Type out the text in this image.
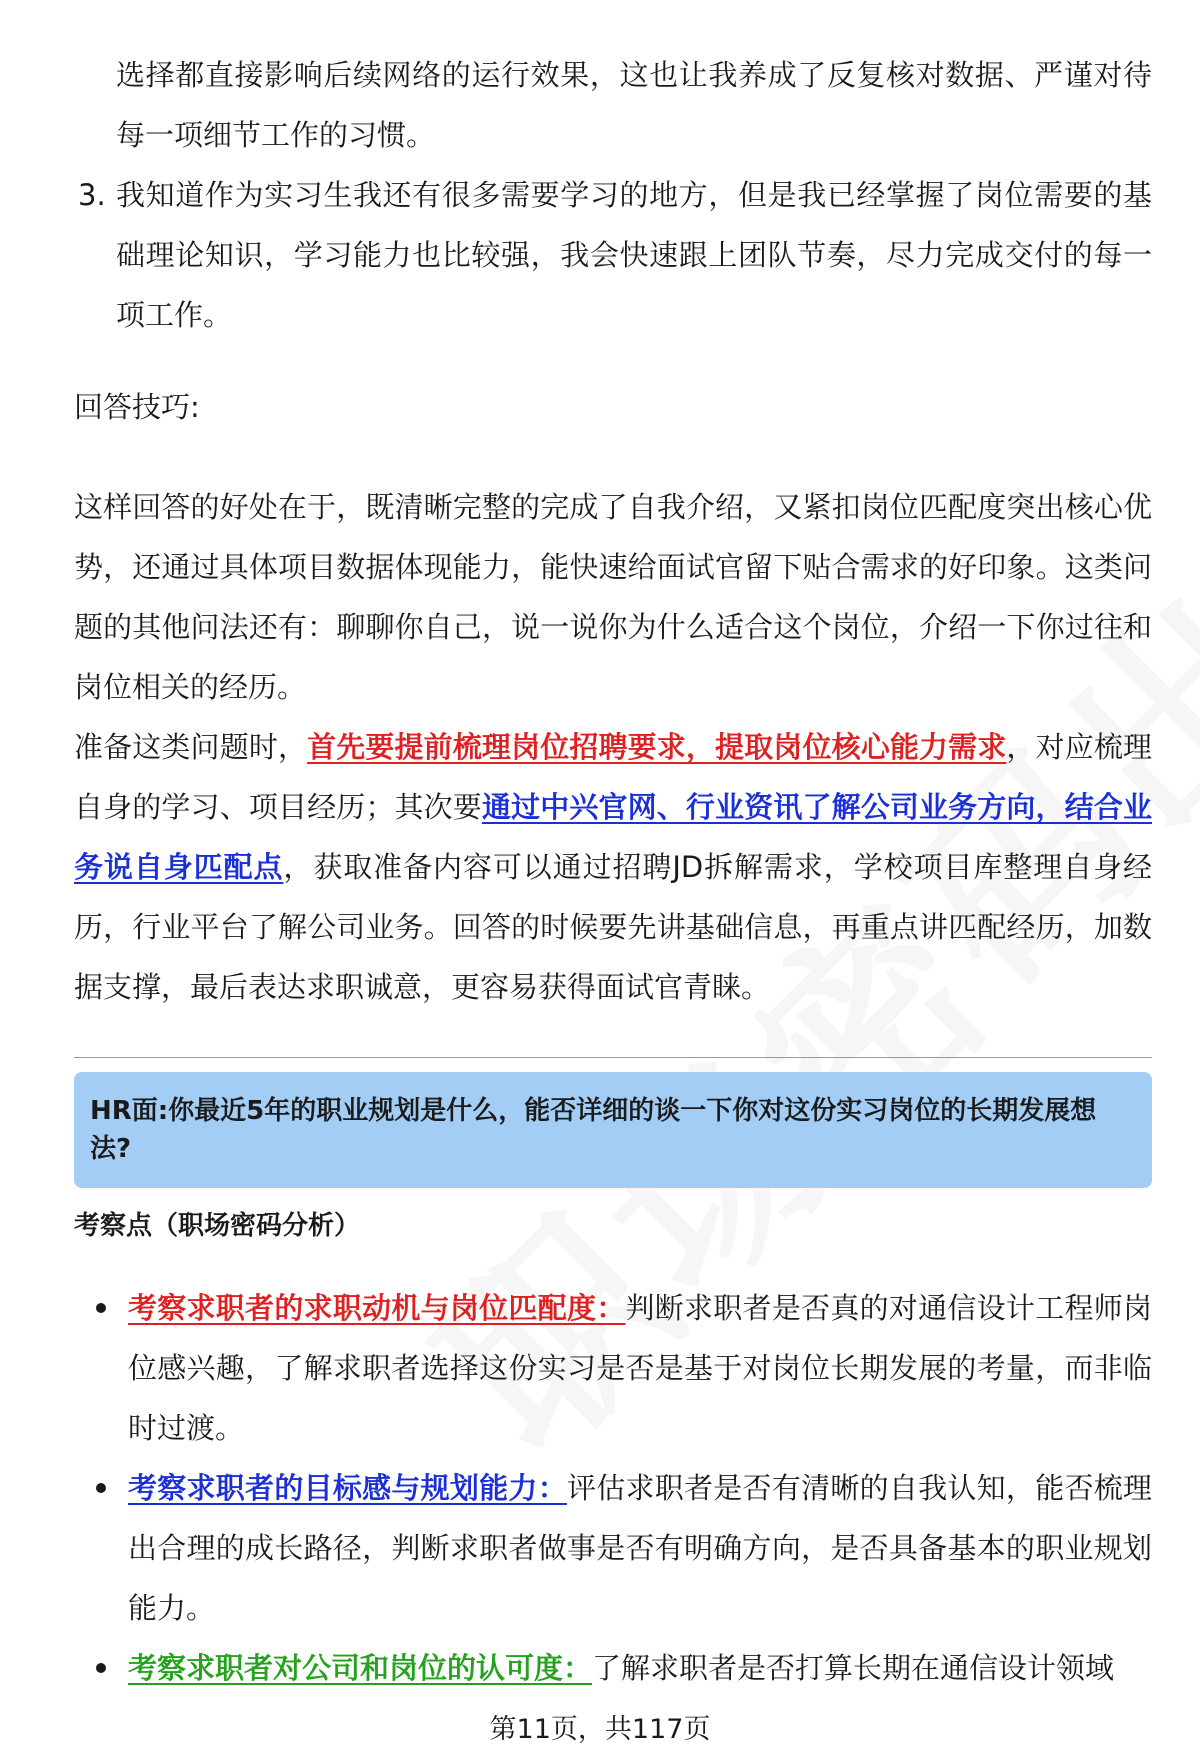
选择都直接影响后续网络的运行效果，这也让我养成了反复核对数据、严谨对待每一项细节工作的习惯。

3. 我知道作为实习生我还有很多需要学习的地方，但是我已经掌握了岗位需要的基础理论知识，学习能力也比较强，我会快速跟上团队节奏，尽力完成交付的每一项工作。

回答技巧:

这样回答的好处在于，既清晰完整的完成了自我介绍，又紧扣岗位匹配度突出核心优势，还通过具体项目数据体现能力，能快速给面试官留下贴合需求的好印象。这类问题的其他问法还有：聊聊你自己，说一说你为什么适合这个岗位，介绍一下你过往和岗位相关的经历。

准备这类问题时，首先要提前梳理岗位招聘要求，提取岗位核心能力需求，对应梳理自身的学习、项目经历；其次要通过中兴官网、行业资讯了解公司业务方向，结合业务说自身匹配点，获取准备内容可以通过招聘JD拆解需求，学校项目库整理自身经历，行业平台了解公司业务。回答的时候要先讲基础信息，再重点讲匹配经历，加数据支撑，最后表达求职诚意，更容易获得面试官青睐。

HR面:你最近5年的职业规划是什么，能否详细的谈一下你对这份实习岗位的长期发展想法?
考察点（职场密码分析）

考察求职者的求职动机与岗位匹配度：判断求职者是否真的对通信设计工程师岗位感兴趣，了解求职者选择这份实习是否是基于对岗位长期发展的考量，而非临时过渡。

考察求职者的目标感与规划能力：评估求职者是否有清晰的自我认知，能否梳理出合理的成长路径，判断求职者做事是否有明确方向，是否具备基本的职业规划能力。

考察求职者对公司和岗位的认可度：了解求职者是否打算长期在通信设计领域

第11页，共117页
